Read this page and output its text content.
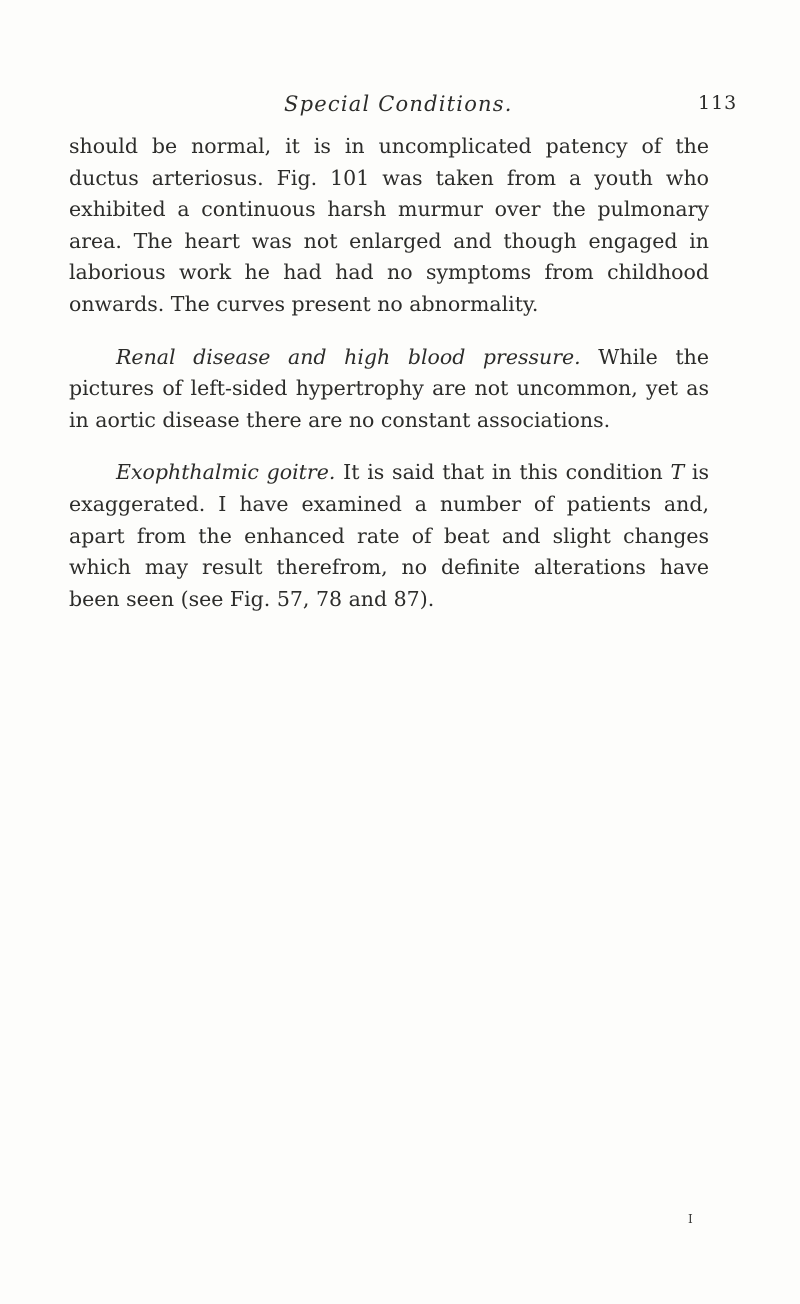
Special Conditions.	113

should be normal, it is in uncomplicated patency of the ductus arteriosus. Fig. 101 was taken from a youth who exhibited a continuous harsh murmur over the pulmonary area. The heart was not enlarged and though engaged in laborious work he had had no symptoms from childhood onwards. The curves present no abnormality.

Renal disease and high blood pressure. While the pictures of left-sided hypertrophy are not uncommon, yet as in aortic disease there are no constant associations.

Exophthalmic goitre. It is said that in this condition T is exaggerated. I have examined a number of patients and, apart from the enhanced rate of beat and slight changes which may result therefrom, no definite alterations have been seen (see Fig. 57, 78 and 87).

I
